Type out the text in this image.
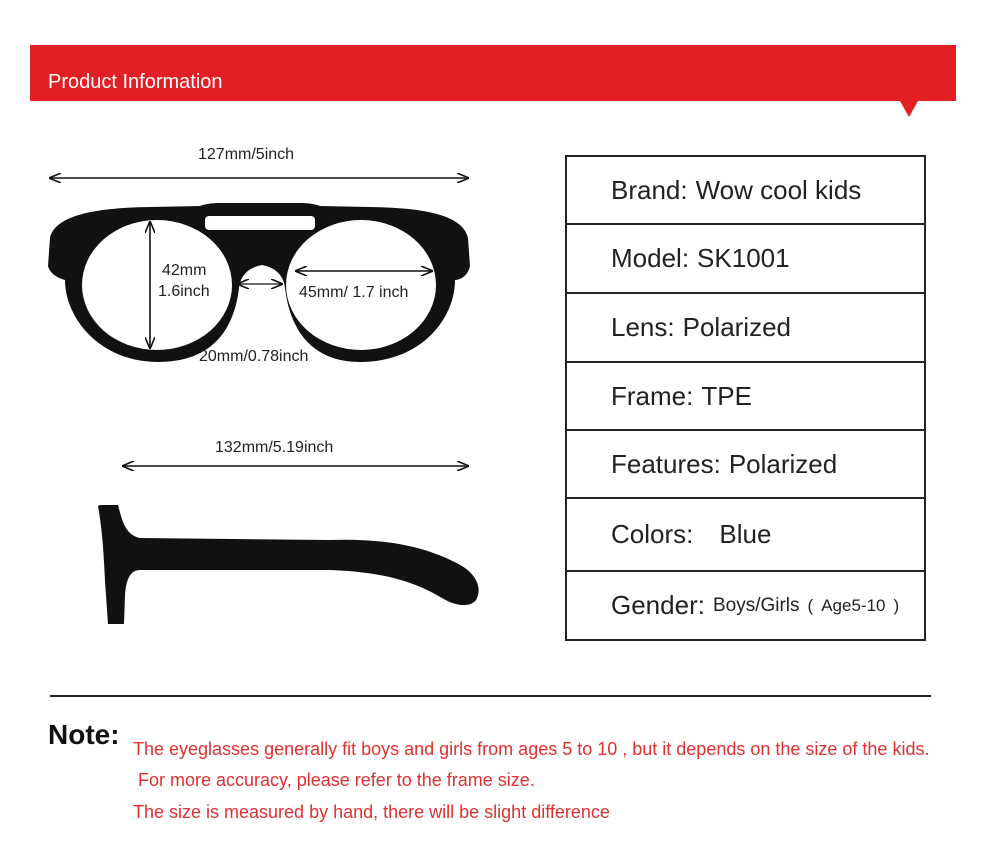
Product Information
127mm/5inch
42mm
1.6inch	45mm/ 1.7 inch
20mm/0.78inch
132mm/5.19inch
Brand: Wow cool kids
Model: SK1001
Lens: Polarized
Frame: TPE
Features: Polarized
Colors: Blue
Gender: Boys/Girls ( Age5-10 )
Note: The eyeglasses generally fit boys and girls from ages 5 to 10 , but it depends on the size of the kids.
For more accuracy, please refer to the frame size.
The size is measured by hand, there will be slight difference
